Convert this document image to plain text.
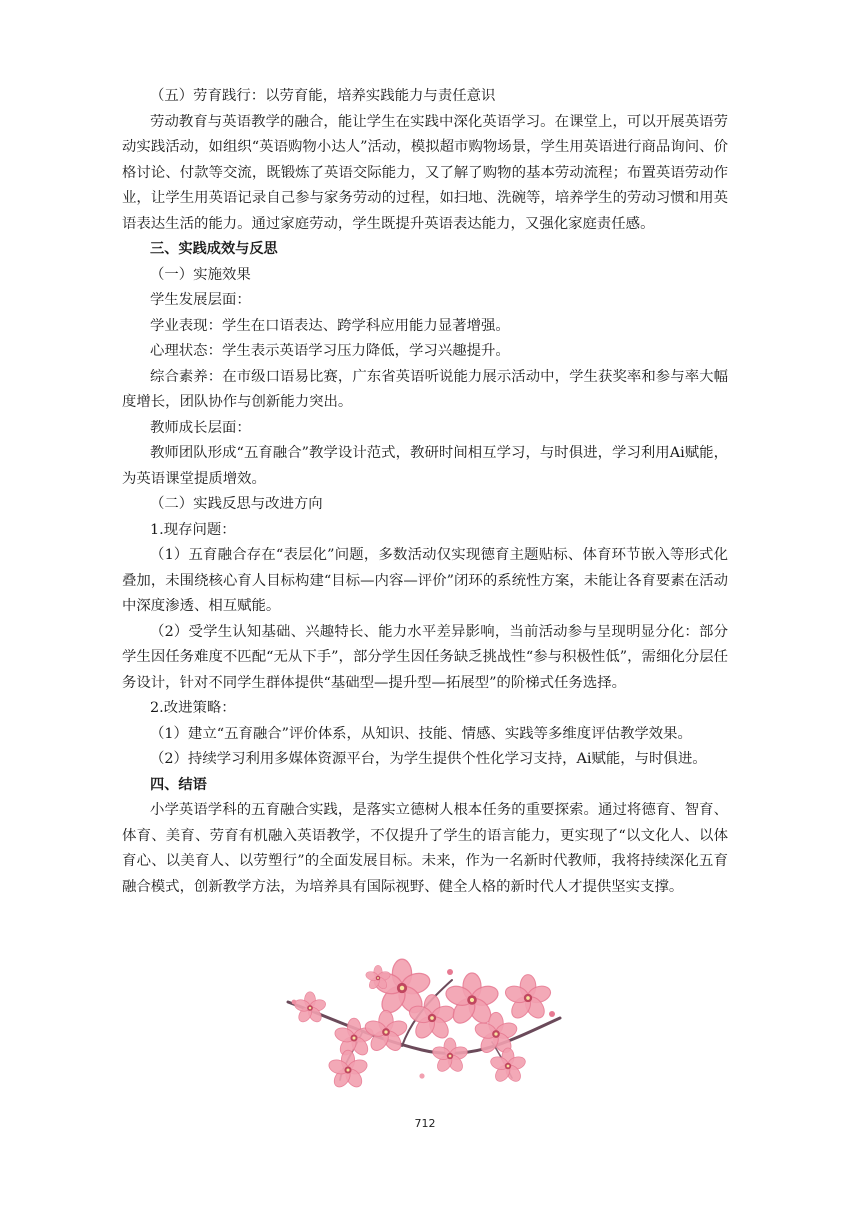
（五）劳育践行：以劳育能，培养实践能力与责任意识

劳动教育与英语教学的融合，能让学生在实践中深化英语学习。在课堂上，可以开展英语劳动实践活动，如组织“英语购物小达人”活动，模拟超市购物场景，学生用英语进行商品询问、价格讨论、付款等交流，既锻炼了英语交际能力，又了解了购物的基本劳动流程；布置英语劳动作业，让学生用英语记录自己参与家务劳动的过程，如扫地、洗碗等，培养学生的劳动习惯和用英语表达生活的能力。通过家庭劳动，学生既提升英语表达能力，又强化家庭责任感。

三、实践成效与反思

（一）实施效果

学生发展层面：

学业表现：学生在口语表达、跨学科应用能力显著增强。

心理状态：学生表示英语学习压力降低，学习兴趣提升。

综合素养：在市级口语易比赛，广东省英语听说能力展示活动中，学生获奖率和参与率大幅度增长，团队协作与创新能力突出。

教师成长层面：

教师团队形成“五育融合”教学设计范式，教研时间相互学习，与时俱进，学习利用Ai赋能，为英语课堂提质增效。

（二）实践反思与改进方向

1.现存问题：

（1）五育融合存在“表层化”问题，多数活动仅实现德育主题贴标、体育环节嵌入等形式化叠加，未围绕核心育人目标构建“目标—内容—评价”闭环的系统性方案，未能让各育要素在活动中深度渗透、相互赋能。

（2）受学生认知基础、兴趣特长、能力水平差异影响，当前活动参与呈现明显分化：部分学生因任务难度不匹配“无从下手”，部分学生因任务缺乏挑战性“参与积极性低”，需细化分层任务设计，针对不同学生群体提供“基础型—提升型—拓展型”的阶梯式任务选择。

2.改进策略：

（1）建立“五育融合”评价体系，从知识、技能、情感、实践等多维度评估教学效果。

（2）持续学习利用多媒体资源平台，为学生提供个性化学习支持，Ai赋能，与时俱进。

四、结语

小学英语学科的五育融合实践，是落实立德树人根本任务的重要探索。通过将德育、智育、体育、美育、劳育有机融入英语教学，不仅提升了学生的语言能力，更实现了“以文化人、以体育心、以美育人、以劳塑行”的全面发展目标。未来，作为一名新时代教师，我将持续深化五育融合模式，创新教学方法，为培养具有国际视野、健全人格的新时代人才提供坚实支撑。

712
